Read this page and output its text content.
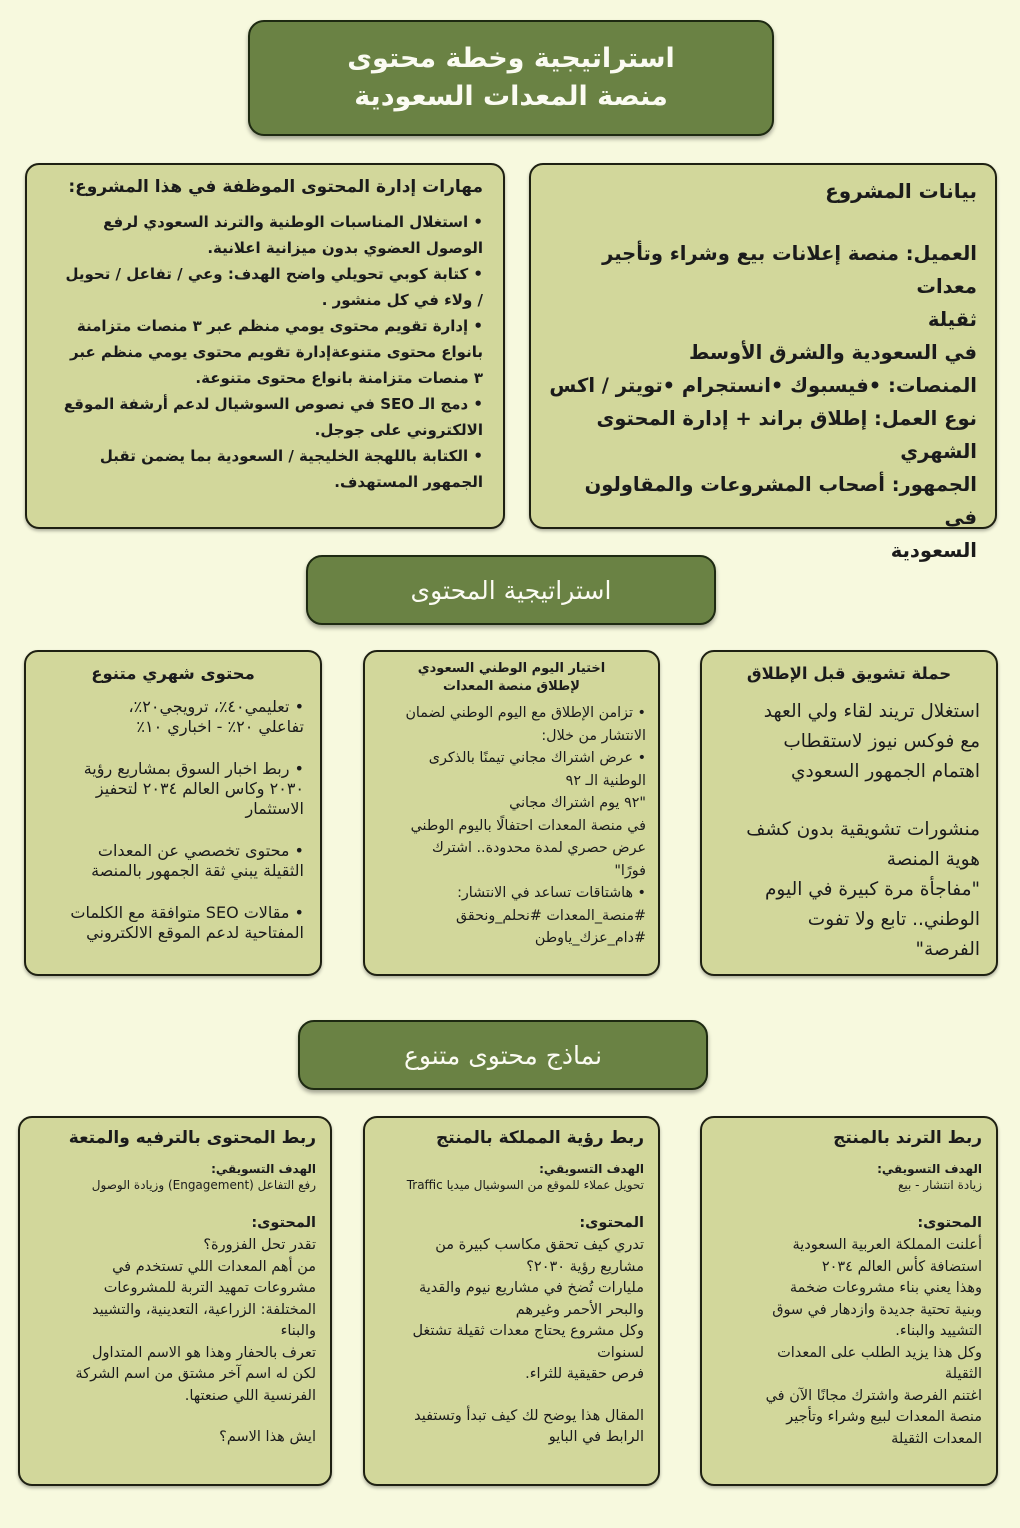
استراتيجية وخطة محتوى
منصة المعدات السعودية
بيانات المشروع
العميل: منصة إعلانات بيع وشراء وتأجير معدات
ثقيلة
في السعودية والشرق الأوسط
المنصات: •فيسبوك •انستجرام •تويتر / اكس
نوع العمل: إطلاق براند + إدارة المحتوى
الشهري
الجمهور: أصحاب المشروعات والمقاولون في
السعودية
مهارات إدارة المحتوى الموظفة في هذا المشروع:
• استغلال المناسبات الوطنية والترند السعودي لرفع
الوصول العضوي بدون ميزانية اعلانية.
• كتابة كوبي تحويلي واضح الهدف: وعي / تفاعل / تحويل
/ ولاء في كل منشور .
• إدارة تقويم محتوى يومي منظم عبر ٣ منصات متزامنة
بانواع محتوى متنوعةإدارة تقويم محتوى يومي منظم عبر
٣ منصات متزامنة بانواع محتوى متنوعة.
• دمج الـ SEO في نصوص السوشيال لدعم أرشفة الموقع
الالكتروني على جوجل.
• الكتابة باللهجة الخليجية / السعودية بما يضمن تقبل
الجمهور المستهدف.
استراتيجية المحتوى
حملة تشويق قبل الإطلاق
استغلال تريند لقاء ولي العهد
مع فوكس نيوز لاستقطاب
اهتمام الجمهور السعودي
منشورات تشويقية بدون كشف
هوية المنصة
"مفاجأة مرة كبيرة في اليوم
الوطني.. تابع ولا تفوت
الفرصة"
اختيار اليوم الوطني السعودي
لإطلاق منصة المعدات
• تزامن الإطلاق مع اليوم الوطني لضمان
الانتشار من خلال:
• عرض اشتراك مجاني تيمنًا بالذكرى
الوطنية الـ ٩٢
"٩٢ يوم اشتراك مجاني
في منصة المعدات احتفالًا باليوم الوطني
عرض حصري لمدة محدودة.. اشترك
فورًا"
• هاشتاقات تساعد في الانتشار:
#منصة_المعدات #نحلم_ونحقق
#دام_عزك_ياوطن
محتوى شهري متنوع
• تعليمي٤٠٪، ترويجي٢٠٪،
تفاعلي ٢٠٪ - اخباري ١٠٪
• ربط اخبار السوق بمشاريع رؤية
٢٠٣٠ وكاس العالم ٢٠٣٤ لتحفيز
الاستثمار
• محتوى تخصصي عن المعدات
الثقيلة يبني ثقة الجمهور بالمنصة
• مقالات SEO متوافقة مع الكلمات
المفتاحية لدعم الموقع الالكتروني
نماذج محتوى متنوع
ربط الترند بالمنتج
الهدف التسويقي:
زيادة انتشار - بيع
المحتوى:
أعلنت المملكة العربية السعودية
استضافة كأس العالم ٢٠٣٤
وهذا يعني بناء مشروعات ضخمة
وبنية تحتية جديدة وازدهار في سوق
التشييد والبناء.
وكل هذا يزيد الطلب على المعدات
الثقيلة
اغتنم الفرصة واشترك مجانًا الآن في
منصة المعدات لبيع وشراء وتأجير
المعدات الثقيلة
ربط رؤية المملكة بالمنتج
الهدف التسويقي:
تحويل عملاء للموقع من السوشيال ميديا Traffic
المحتوى:
تدري كيف تحقق مكاسب كبيرة من
مشاريع رؤية ٢٠٣٠؟
مليارات تُضخ في مشاريع نيوم والقدية
والبحر الأحمر وغيرهم
وكل مشروع يحتاج معدات ثقيلة تشتغل
لسنوات
فرص حقيقية للثراء.
المقال هذا يوضح لك كيف تبدأ وتستفيد
الرابط في البايو
ربط المحتوى بالترفيه والمتعة
الهدف التسويقي:
رفع التفاعل (Engagement) وزيادة الوصول
المحتوى:
تقدر تحل الفزورة؟
من أهم المعدات اللي تستخدم في
مشروعات تمهيد التربة للمشروعات
المختلفة: الزراعية، التعدينية، والتشييد
والبناء
تعرف بالحفار وهذا هو الاسم المتداول
لكن له اسم آخر مشتق من اسم الشركة
الفرنسية اللي صنعتها.
ايش هذا الاسم؟
